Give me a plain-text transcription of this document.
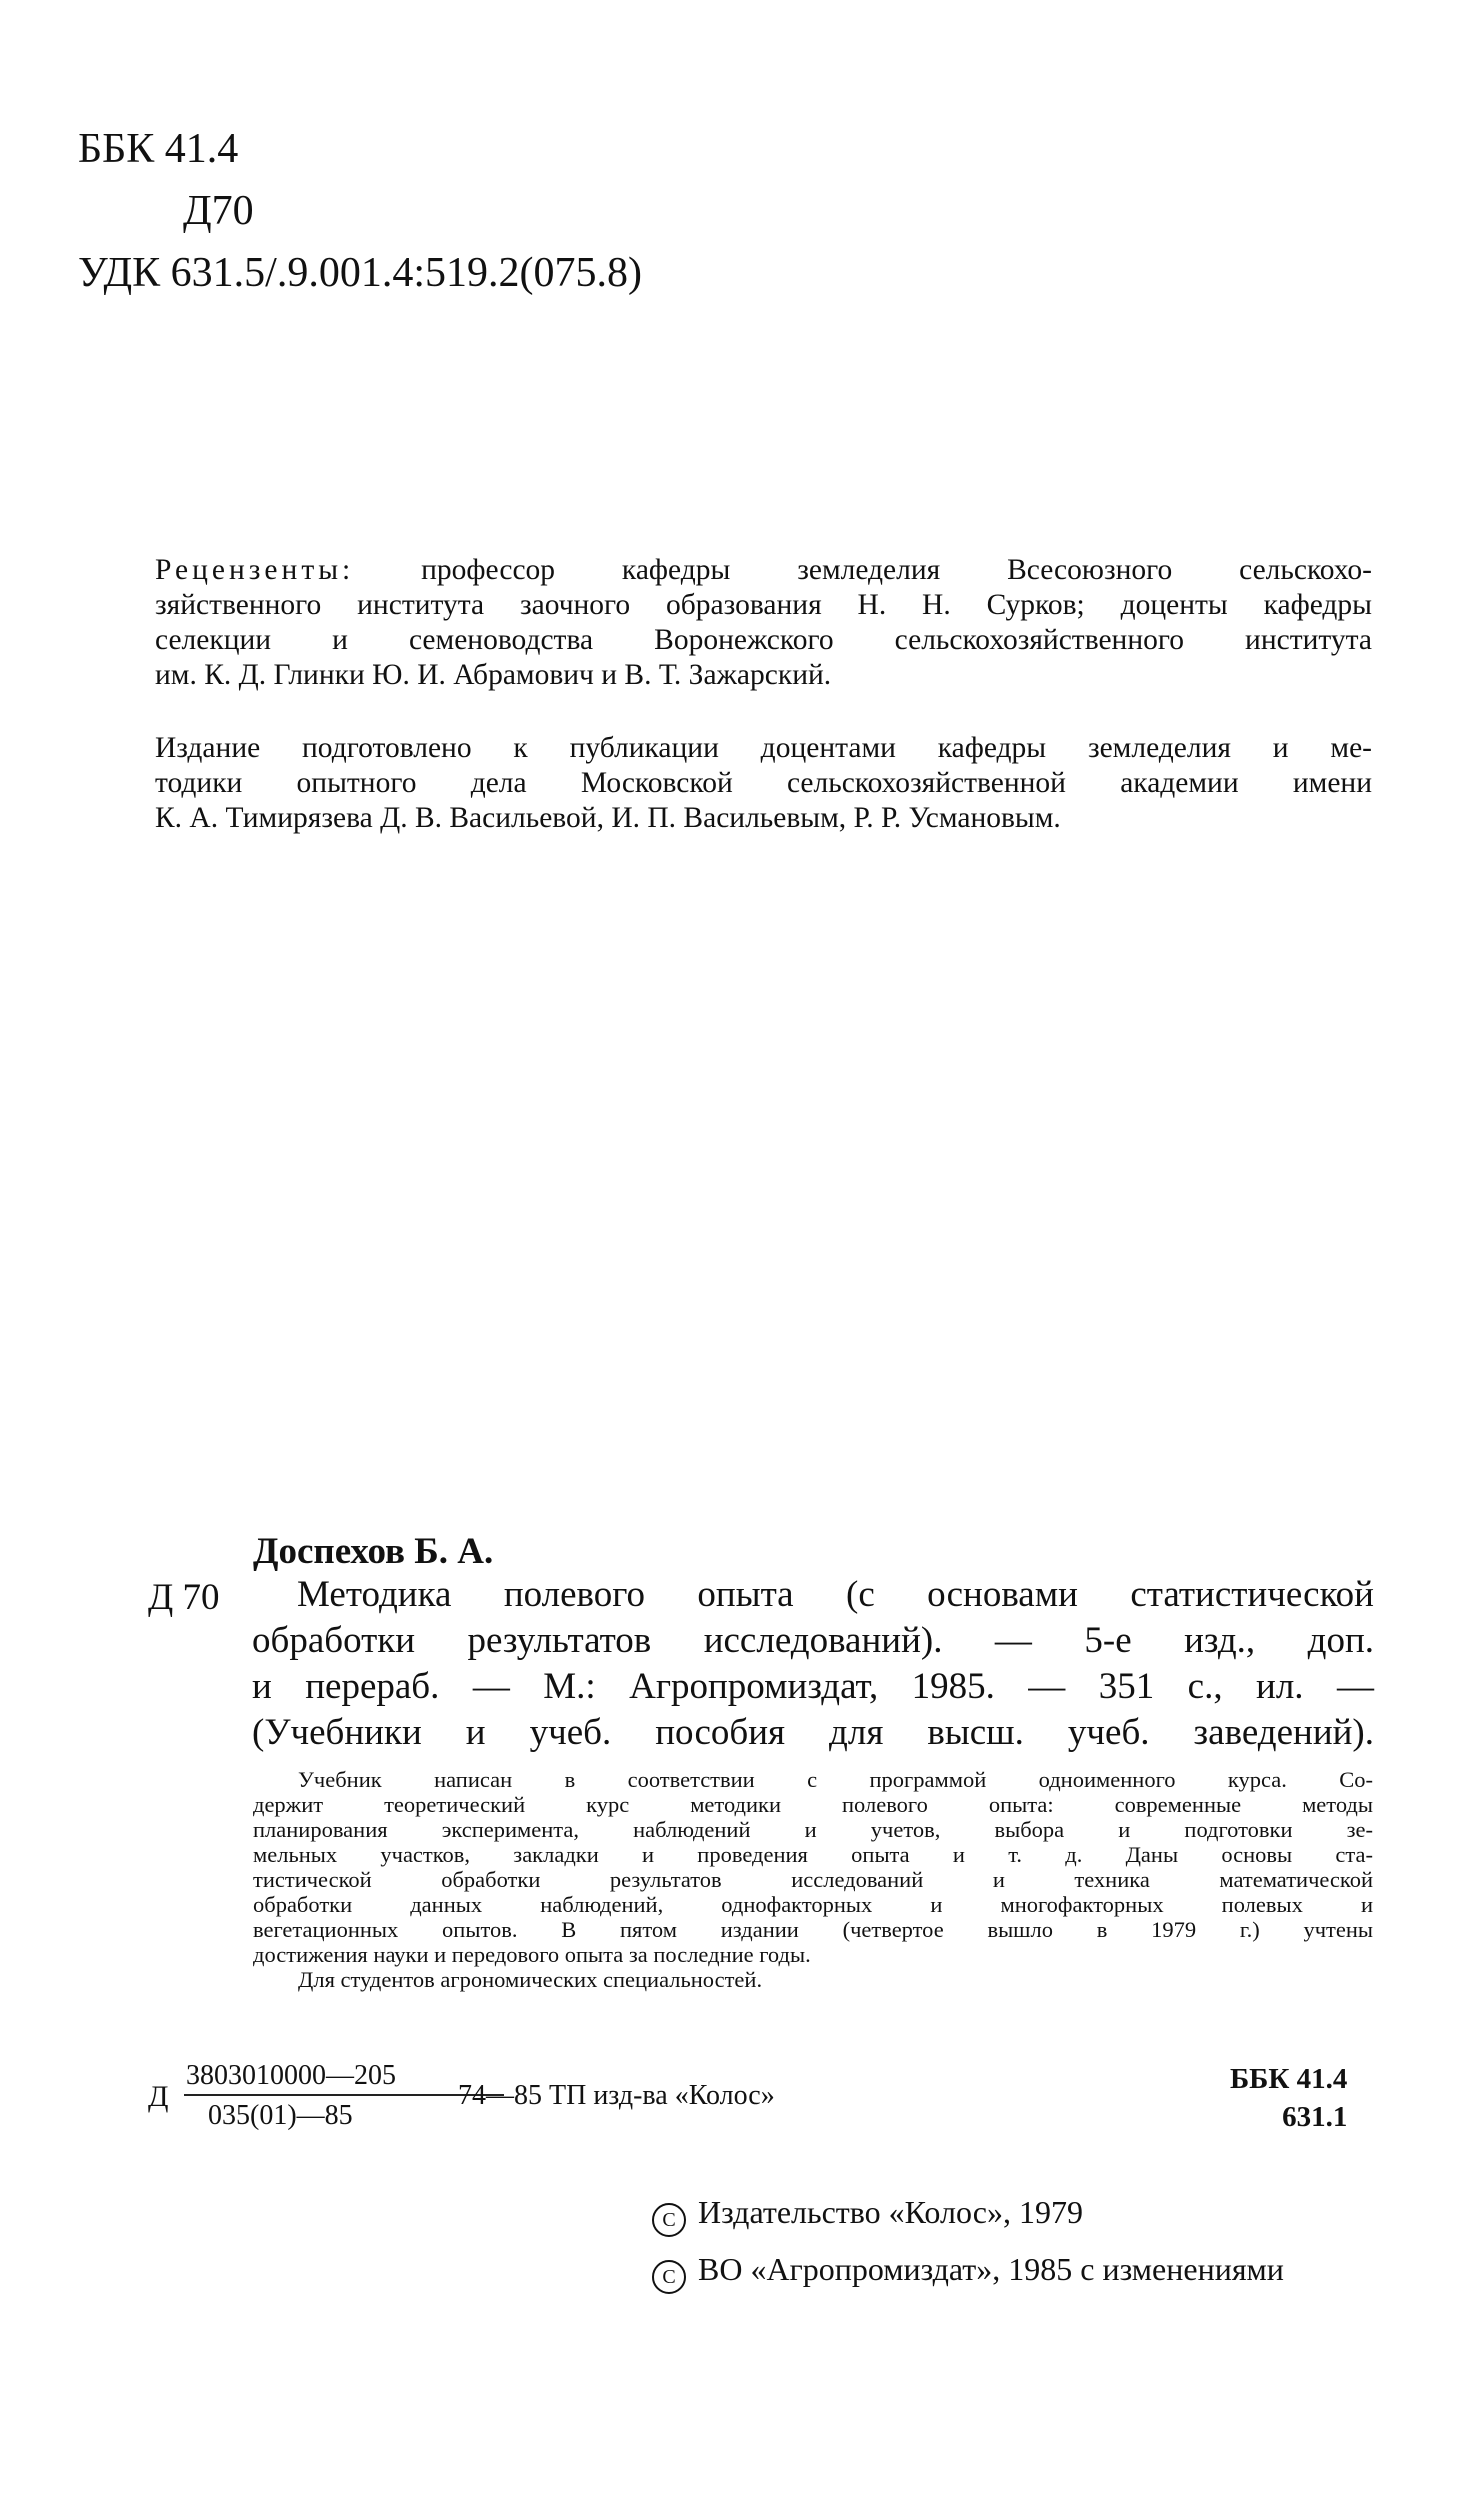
ББК 41.4
Д70
УДК 631.5/.9.001.4:519.2(075.8)
Рецензенты: профессор кафедры земледелия Всесоюзного сельскохо-
зяйственного института заочного образования Н. Н. Сурков; доценты кафедры
селекции и семеноводства Воронежского сельскохозяйственного института
им. К. Д. Глинки Ю. И. Абрамович и В. Т. Зажарский.
Издание подготовлено к публикации доцентами кафедры земледелия и ме-
тодики опытного дела Московской сельскохозяйственной академии имени
К. А. Тимирязева Д. В. Васильевой, И. П. Васильевым, Р. Р. Усмановым.
Доспехов Б. А.
Д 70	Методика полевого опыта (с основами статистической
обработки результатов исследований). — 5-е изд., доп.
и перераб. — М.: Агропромиздат, 1985. — 351 с., ил. —
(Учебники и учеб. пособия для высш. учеб. заведений).
Учебник написан в соответствии с программой одноименного курса. Со-
держит теоретический курс методики полевого опыта: современные методы
планирования эксперимента, наблюдений и учетов, выбора и подготовки зе-
мельных участков, закладки и проведения опыта и т. д. Даны основы ста-
тистической обработки результатов исследований и техника математической
обработки данных наблюдений, однофакторных и многофакторных полевых и
вегетационных опытов. В пятом издании (четвертое вышло в 1979 г.) учтены
достижения науки и передового опыта за последние годы.
Для студентов агрономических специальностей.
Д
3803010000—205
035(01)—85
74—85 ТП изд-ва «Колос»
ББК 41.4
631.1
C Издательство «Колос», 1979
C ВО «Агропромиздат», 1985 с изменениями
